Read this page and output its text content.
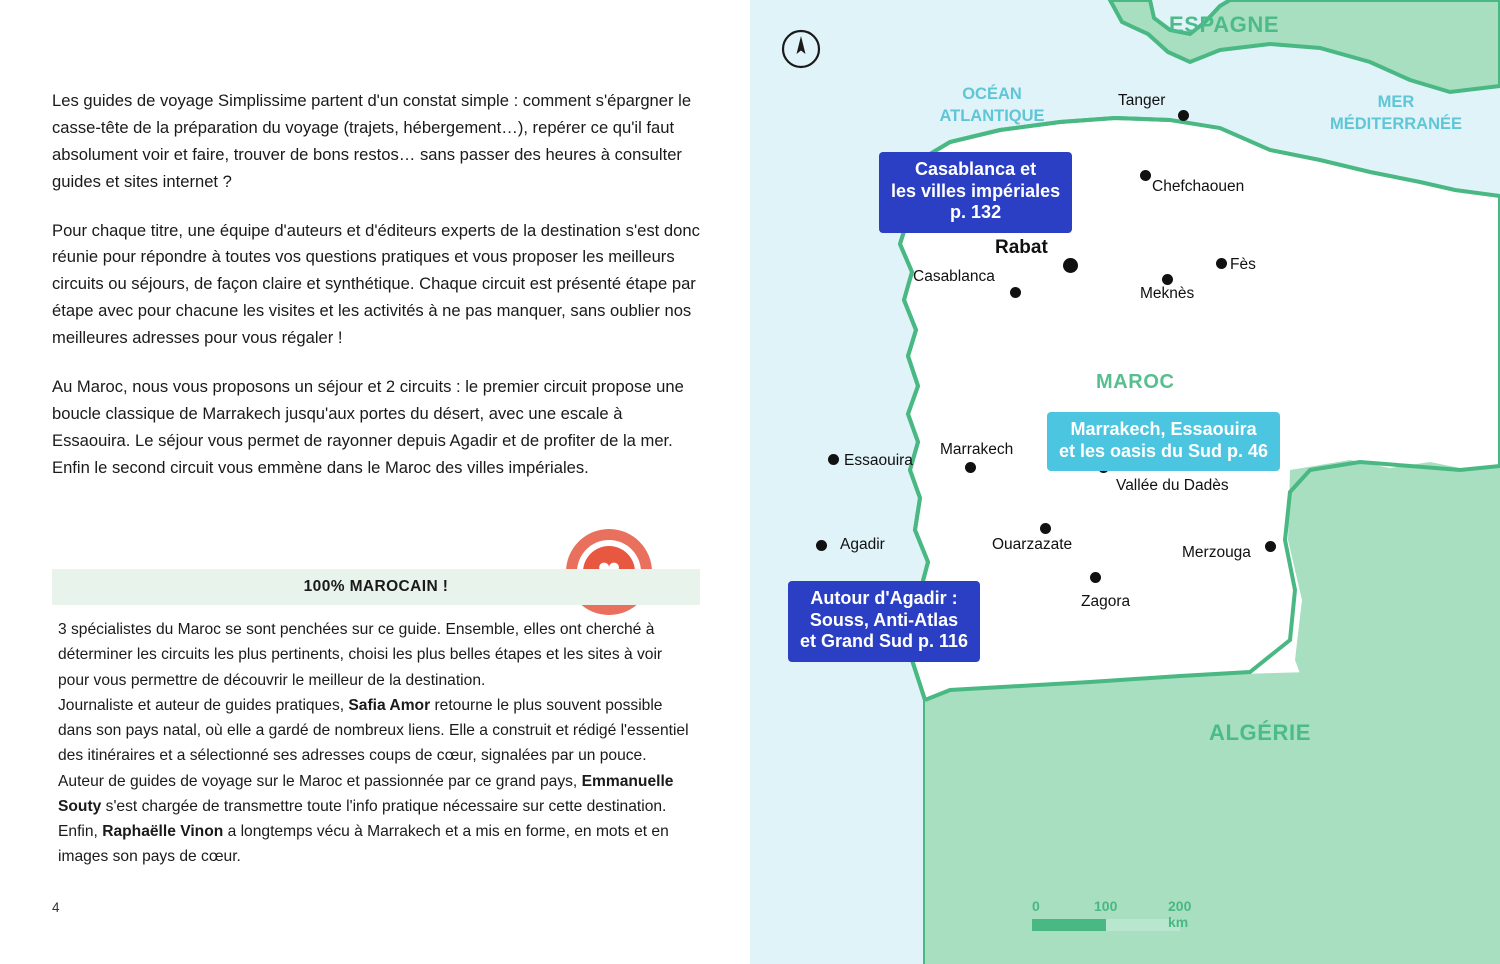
Les guides de voyage Simplissime partent d'un constat simple : comment s'épargner le casse-tête de la préparation du voyage (trajets, hébergement…), repérer ce qu'il faut absolument voir et faire, trouver de bons restos… sans passer des heures à consulter guides et sites internet ?

Pour chaque titre, une équipe d'auteurs et d'éditeurs experts de la destination s'est donc réunie pour répondre à toutes vos questions pratiques et vous proposer les meilleurs circuits ou séjours, de façon claire et synthétique. Chaque circuit est présenté étape par étape avec pour chacune les visites et les activités à ne pas manquer, sans oublier nos meilleures adresses pour vous régaler !

Au Maroc, nous vous proposons un séjour et 2 circuits : le premier circuit propose une boucle classique de Marrakech jusqu'aux portes du désert, avec une escale à Essaouira. Le séjour vous permet de rayonner depuis Agadir et de profiter de la mer. Enfin le second circuit vous emmène dans le Maroc des villes impériales.

100% MAROCAIN !

3 spécialistes du Maroc se sont penchées sur ce guide. Ensemble, elles ont cherché à déterminer les circuits les plus pertinents, choisi les plus belles étapes et les sites à voir pour vous permettre de découvrir le meilleur de la destination.
Journaliste et auteur de guides pratiques, Safia Amor retourne le plus souvent possible dans son pays natal, où elle a gardé de nombreux liens. Elle a construit et rédigé l'essentiel des itinéraires et a sélectionné ses adresses coups de cœur, signalées par un pouce. Auteur de guides de voyage sur le Maroc et passionnée par ce grand pays, Emmanuelle Souty s'est chargée de transmettre toute l'info pratique nécessaire sur cette destination. Enfin, Raphaëlle Vinon a longtemps vécu à Marrakech et a mis en forme, en mots et en images son pays de cœur.

4
ESPAGNE
ALGÉRIE
MAROC
OCÉAN
ATLANTIQUE
MER
MÉDITERRANÉE
Tanger
Chefchaouen
Rabat
Casablanca
Fès
Meknès
Essaouira
Marrakech
Vallée du Dadès
Agadir	Ouarzazate	Merzouga
Zagora
Casablanca et
les villes impériales
p. 132
Marrakech, Essaouira
et les oasis du Sud p. 46
Autour d'Agadir :
Souss, Anti-Atlas
et Grand Sud p. 116
0	100	200 km
